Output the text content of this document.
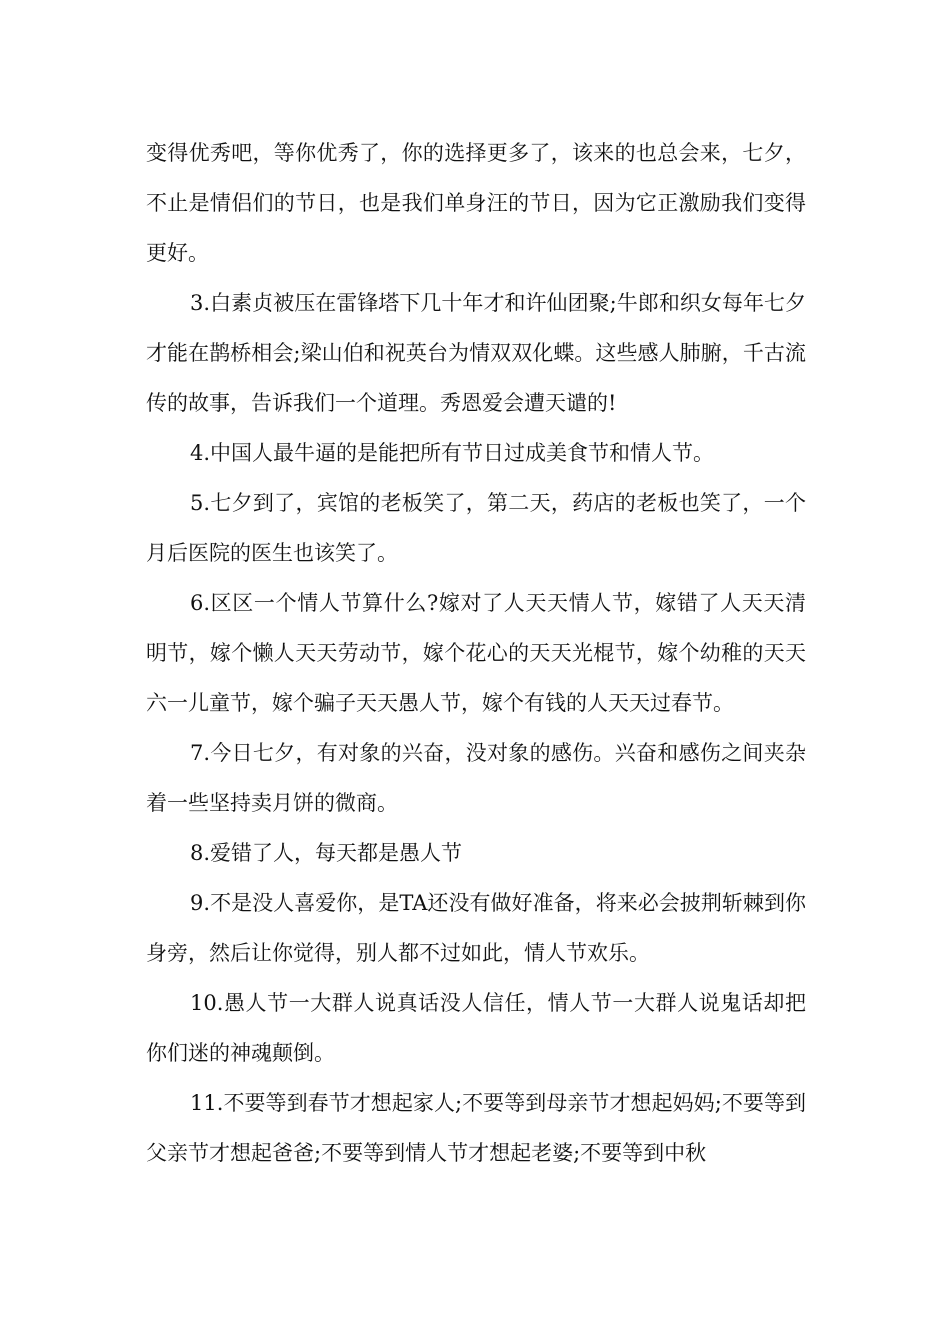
变得优秀吧，等你优秀了，你的选择更多了，该来的也总会来，七夕，不止是情侣们的节日，也是我们单身汪的节日，因为它正激励我们变得更好。

3.白素贞被压在雷锋塔下几十年才和许仙团聚;牛郎和织女每年七夕才能在鹊桥相会;梁山伯和祝英台为情双双化蝶。这些感人肺腑，千古流传的故事，告诉我们一个道理。秀恩爱会遭天谴的!

4.中国人最牛逼的是能把所有节日过成美食节和情人节。

5.七夕到了，宾馆的老板笑了，第二天，药店的老板也笑了，一个月后医院的医生也该笑了。

6.区区一个情人节算什么?嫁对了人天天情人节，嫁错了人天天清明节，嫁个懒人天天劳动节，嫁个花心的天天光棍节，嫁个幼稚的天天六一儿童节，嫁个骗子天天愚人节，嫁个有钱的人天天过春节。

7.今日七夕，有对象的兴奋，没对象的感伤。兴奋和感伤之间夹杂着一些坚持卖月饼的微商。

8.爱错了人，每天都是愚人节

9.不是没人喜爱你，是TA还没有做好准备，将来必会披荆斩棘到你身旁，然后让你觉得，别人都不过如此，情人节欢乐。

10.愚人节一大群人说真话没人信任，情人节一大群人说鬼话却把你们迷的神魂颠倒。

11.不要等到春节才想起家人;不要等到母亲节才想起妈妈;不要等到父亲节才想起爸爸;不要等到情人节才想起老婆;不要等到中秋
